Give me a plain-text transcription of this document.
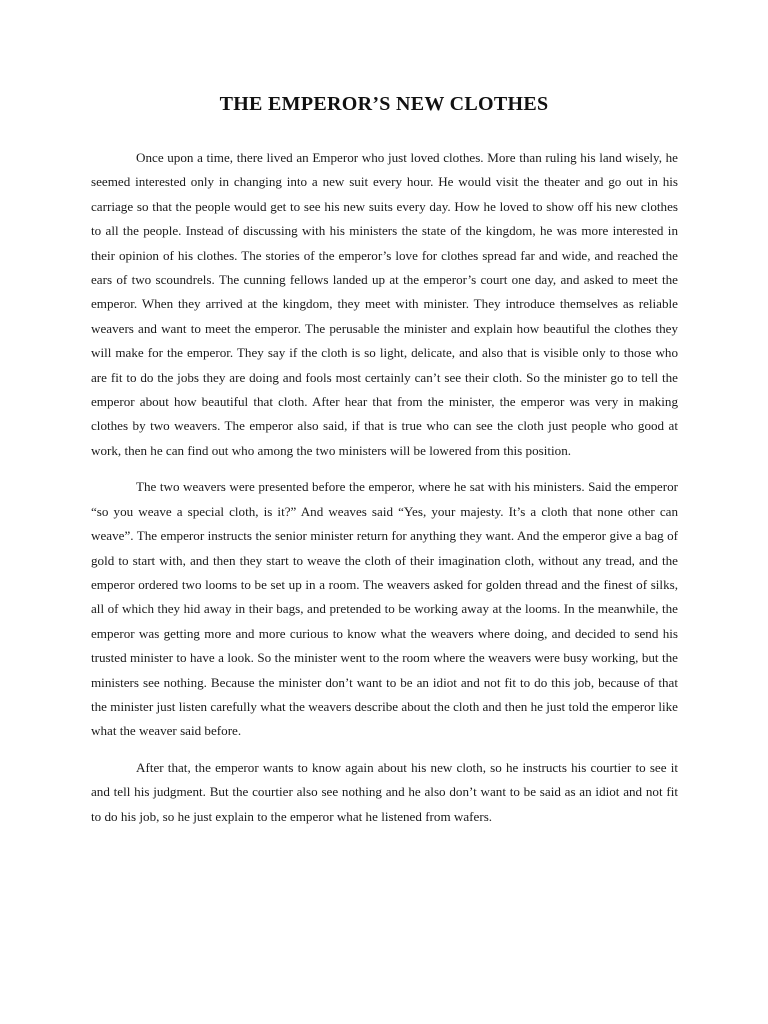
THE EMPEROR’S NEW CLOTHES

Once upon a time, there lived an Emperor who just loved clothes. More than ruling his land wisely, he seemed interested only in changing into a new suit every hour. He would visit the theater and go out in his carriage so that the people would get to see his new suits every day. How he loved to show off his new clothes to all the people. Instead of discussing with his ministers the state of the kingdom, he was more interested in their opinion of his clothes. The stories of the emperor’s love for clothes spread far and wide, and reached the ears of two scoundrels. The cunning fellows landed up at the emperor’s court one day, and asked to meet the emperor. When they arrived at the kingdom, they meet with minister. They introduce themselves as reliable weavers and want to meet the emperor. The perusable the minister and explain how beautiful the clothes they will make for the emperor. They say if the cloth is so light, delicate, and also that is visible only to those who are fit to do the jobs they are doing and fools most certainly can’t see their cloth. So the minister go to tell the emperor about how beautiful that cloth. After hear that from the minister, the emperor was very in making clothes by two weavers. The emperor also said, if that is true who can see the cloth just people who good at work, then he can find out who among the two ministers will be lowered from this position.

The two weavers were presented before the emperor, where he sat with his ministers. Said the emperor “so you weave a special cloth, is it?” And weaves said “Yes, your majesty. It’s a cloth that none other can weave”. The emperor instructs the senior minister return for anything they want. And the emperor give a bag of gold to start with, and then they start to weave the cloth of their imagination cloth, without any tread, and the emperor ordered two looms to be set up in a room. The weavers asked for golden thread and the finest of silks, all of which they hid away in their bags, and pretended to be working away at the looms. In the meanwhile, the emperor was getting more and more curious to know what the weavers where doing, and decided to send his trusted minister to have a look. So the minister went to the room where the weavers were busy working, but the ministers see nothing. Because the minister don’t want to be an idiot and not fit to do this job, because of that the minister just listen carefully what the weavers describe about the cloth and then he just told the emperor like what the weaver said before.

After that, the emperor wants to know again about his new cloth, so he instructs his courtier to see it and tell his judgment. But the courtier also see nothing and he also don’t want to be said as an idiot and not fit to do his job, so he just explain to the emperor what he listened from wafers.
